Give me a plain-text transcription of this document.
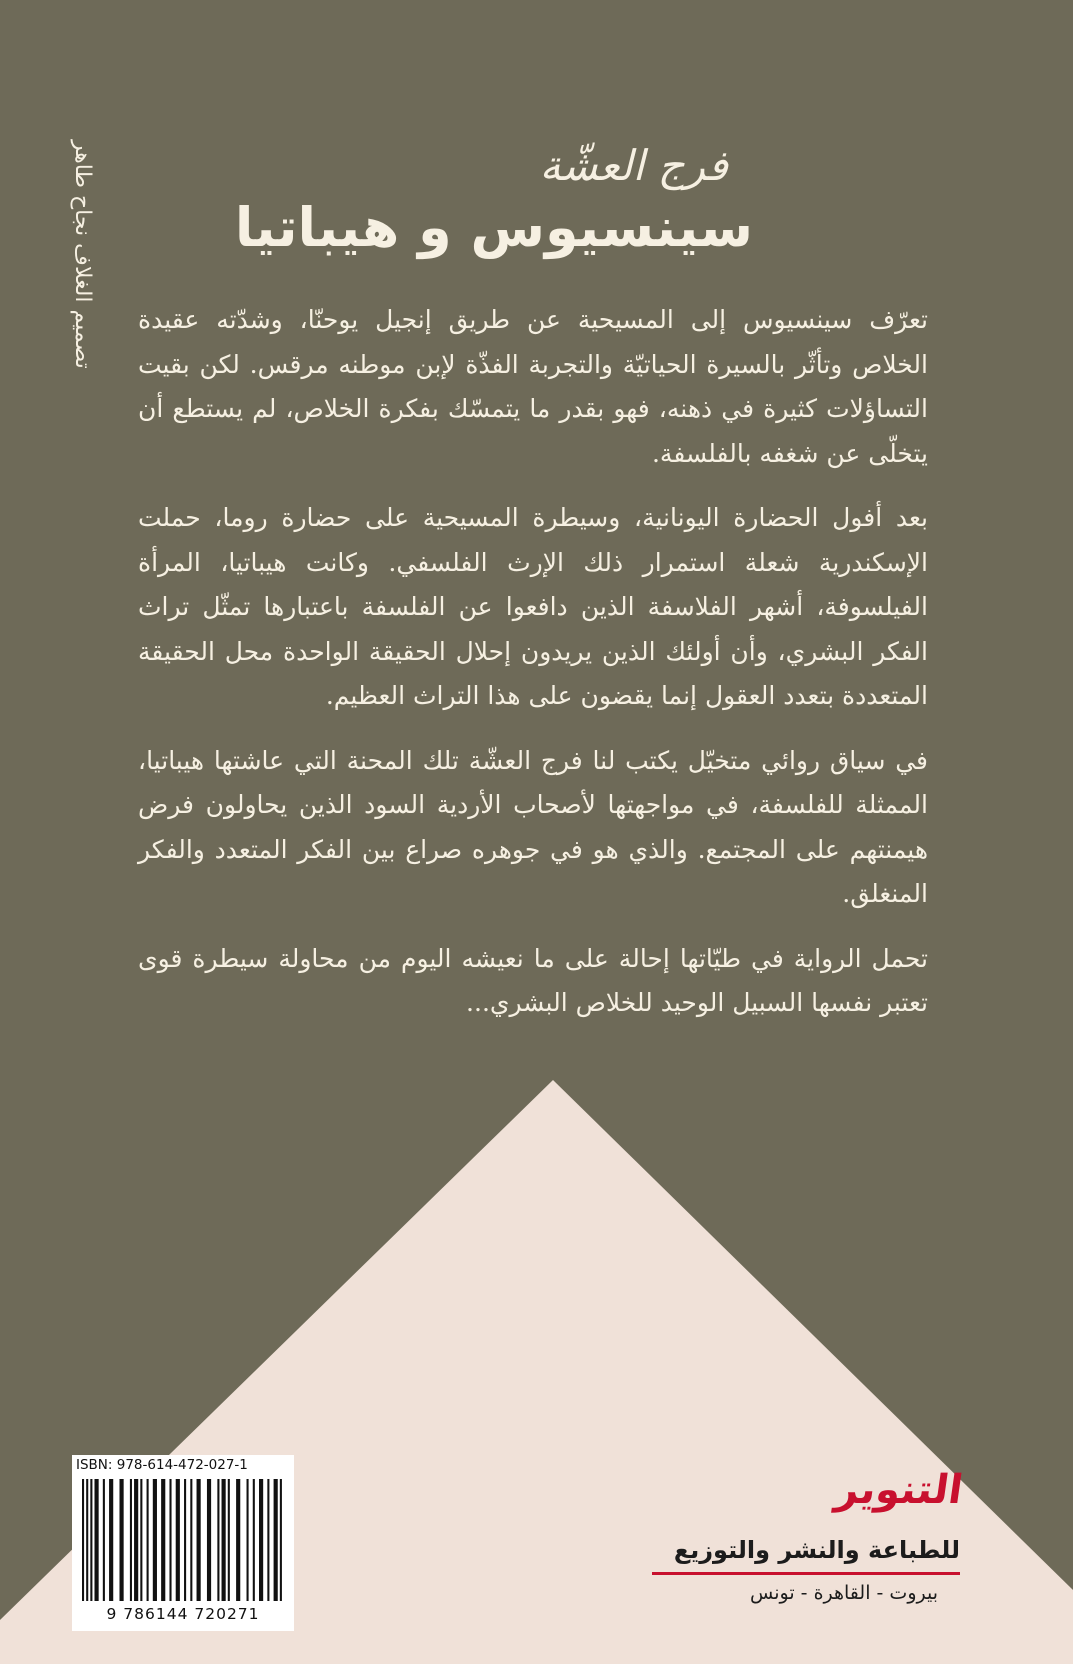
تصميم الغلاف نجاح طاهر	فرج العشّة
سينسيوس و هيباتيا

تعرّف سينسيوس إلى المسيحية عن طريق إنجيل يوحنّا، وشدّته عقيدة الخلاص وتأثّر بالسيرة الحياتيّة والتجربة الفذّة لإبن موطنه مرقس. لكن بقيت التساؤلات كثيرة في ذهنه، فهو بقدر ما يتمسّك بفكرة الخلاص، لم يستطع أن يتخلّى عن شغفه بالفلسفة.

بعد أفول الحضارة اليونانية، وسيطرة المسيحية على حضارة روما، حملت الإسكندرية شعلة استمرار ذلك الإرث الفلسفي. وكانت هيباتيا، المرأة الفيلسوفة، أشهر الفلاسفة الذين دافعوا عن الفلسفة باعتبارها تمثّل تراث الفكر البشري، وأن أولئك الذين يريدون إحلال الحقيقة الواحدة محل الحقيقة المتعددة بتعدد العقول إنما يقضون على هذا التراث العظيم.

في سياق روائي متخيّل يكتب لنا فرج العشّة تلك المحنة التي عاشتها هيباتيا، الممثلة للفلسفة، في مواجهتها لأصحاب الأردية السود الذين يحاولون فرض هيمنتهم على المجتمع. والذي هو في جوهره صراع بين الفكر المتعدد والفكر المنغلق.

تحمل الرواية في طيّاتها إحالة على ما نعيشه اليوم من محاولة سيطرة قوى تعتبر نفسها السبيل الوحيد للخلاص البشري...

ISBN: 978-614-472-027-1
9 786144 720271
التنوير
للطباعة والنشر والتوزيع
بيروت - القاهرة - تونس
